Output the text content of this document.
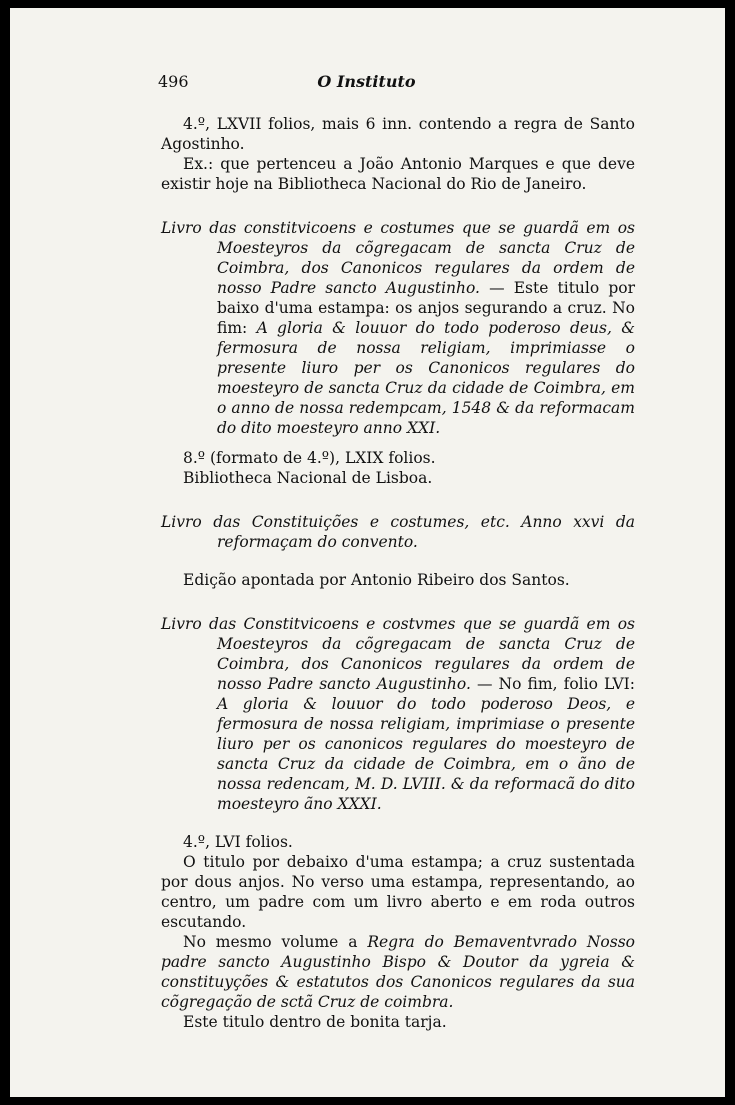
496	O Instituto

4.º, LXVII folios, mais 6 inn. contendo a regra de Santo Agostinho.

Ex.: que pertenceu a João Antonio Marques e que deve existir hoje na Bibliotheca Nacional do Rio de Janeiro.

Livro das constitvicoens e costumes que se guardã em os Moesteyros da cõgregacam de sancta Cruz de Coimbra, dos Canonicos regulares da ordem de nosso Padre sancto Augustinho. — Este titulo por baixo d'uma estampa: os anjos segurando a cruz. No fim: A gloria & louuor do todo poderoso deus, & fermosura de nossa religiam, imprimiasse o presente liuro per os Canonicos regulares do moesteyro de sancta Cruz da cidade de Coimbra, em o anno de nossa redempcam, 1548 & da reformacam do dito moesteyro anno XXI.

8.º (formato de 4.º), LXIX folios.

Bibliotheca Nacional de Lisboa.

Livro das Constituições e costumes, etc. Anno xxvi da reformaçam do convento.

Edição apontada por Antonio Ribeiro dos Santos.

Livro das Constitvicoens e costvmes que se guardã em os Moesteyros da cõgregacam de sancta Cruz de Coimbra, dos Canonicos regulares da ordem de nosso Padre sancto Augustinho. — No fim, folio LVI: A gloria & louuor do todo poderoso Deos, e fermosura de nossa religiam, imprimiase o presente liuro per os canonicos regulares do moesteyro de sancta Cruz da cidade de Coimbra, em o ãno de nossa redencam, M. D. LVIII. & da reformacã do dito moesteyro ãno XXXI.

4.º, LVI folios.

O titulo por debaixo d'uma estampa; a cruz sustentada por dous anjos. No verso uma estampa, representando, ao centro, um padre com um livro aberto e em roda outros escutando.

No mesmo volume a Regra do Bemaventvrado Nosso padre sancto Augustinho Bispo & Doutor da ygreia & constituyções & estatutos dos Canonicos regulares da sua cõgregação de sctã Cruz de coimbra.

Este titulo dentro de bonita tarja.
